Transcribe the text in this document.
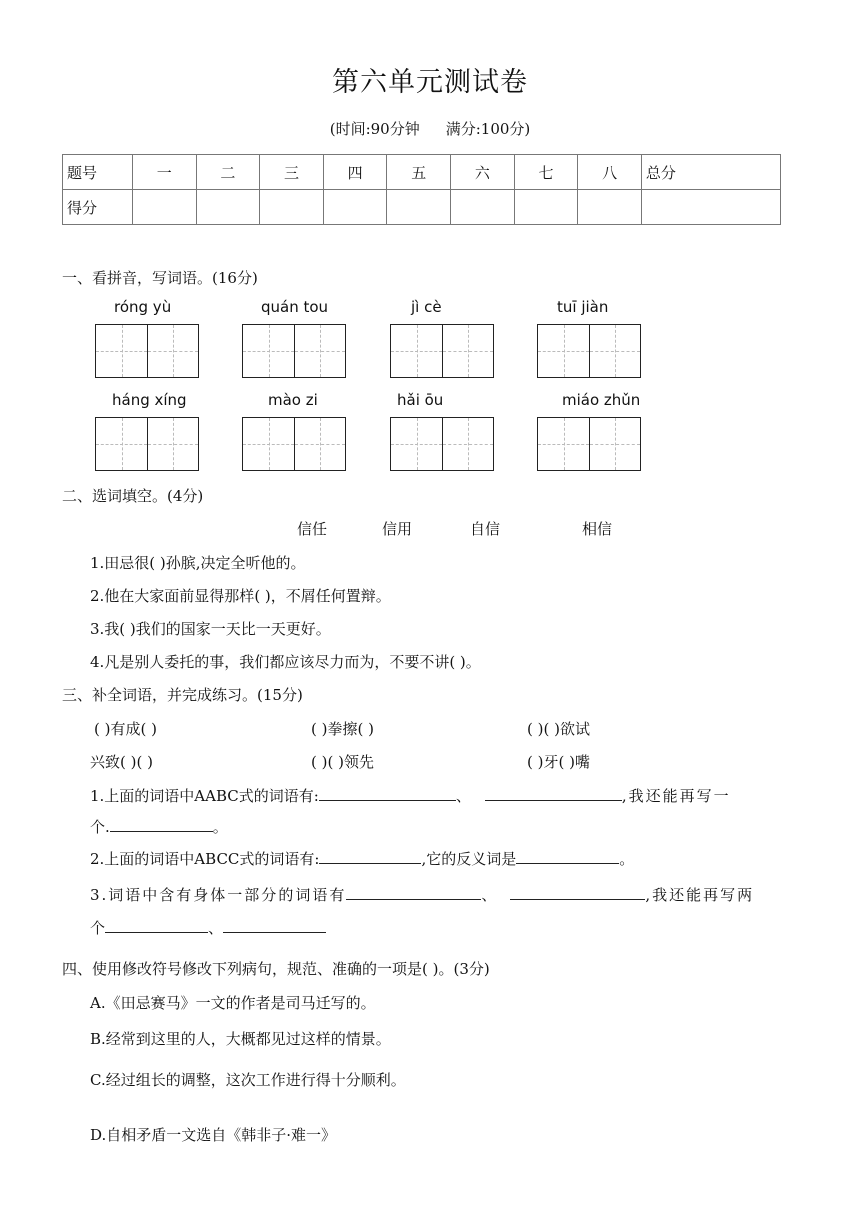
第六单元测试卷
(时间:90分钟 满分:100分)
题号	一	二	三	四	五	六	七	八	总分
得分									
一、看拼音，写词语。(16分)
róng yù	quán tou	jì cè	tuī jiàn
háng xíng	mào zi	hǎi ōu	miáo zhǔn
二、选词填空。(4分)
信任	信用	自信	相信
1.田忌很( )孙膑,决定全听他的。
2.他在大家面前显得那样( )，不屑任何置辩。
3.我( )我们的国家一天比一天更好。
4.凡是别人委托的事，我们都应该尽力而为，不要不讲( )。
三、补全词语，并完成练习。(15分)
( )有成( )	( )拳擦( )	( )( )欲试
兴致( )( )	( )( )领先	( )牙( )嘴
1.上面的词语中AABC式的词语有:	、	,我还能再写一
个.	。
2.上面的词语中ABCC式的词语有:	,它的反义词是	。
3.词语中含有身体一部分的词语有	、	,我还能再写两
个	、
四、使用修改符号修改下列病句，规范、准确的一项是( )。(3分)
A.《田忌赛马》一文的作者是司马迁写的。
B.经常到这里的人，大概都见过这样的情景。
C.经过组长的调整，这次工作进行得十分顺利。
D.自相矛盾一文选自《韩非子·难一》
